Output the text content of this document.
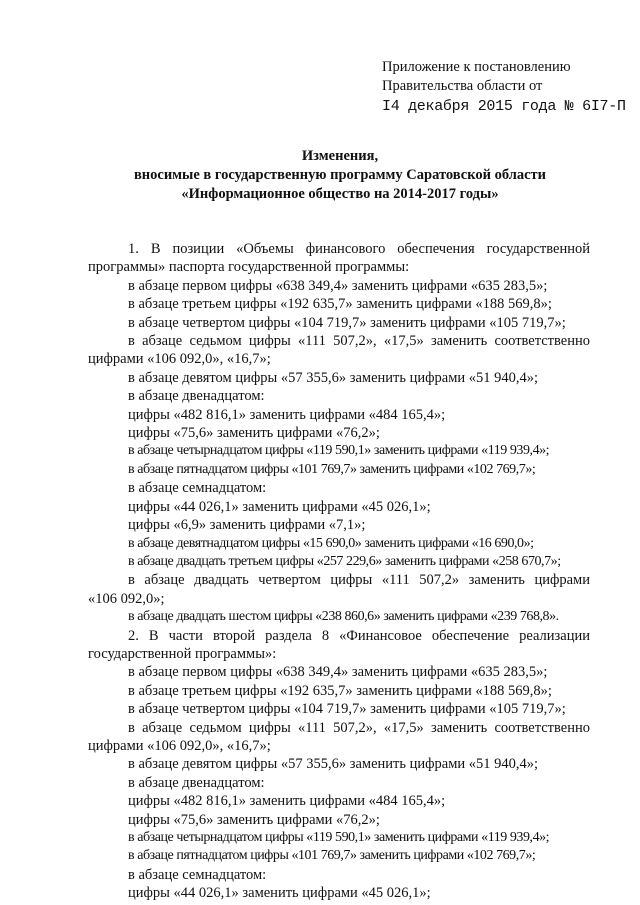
Приложение к постановлению
Правительства области от
I4 декабря 2015 года № 6I7-П
Изменения,
вносимые в государственную программу Саратовской области
«Информационное общество на 2014-2017 годы»

1. В позиции «Объемы финансового обеспечения государственной

программы» паспорта государственной программы:

в абзаце первом цифры «638 349,4» заменить цифрами «635 283,5»;

в абзаце третьем цифры «192 635,7» заменить цифрами «188 569,8»;

в абзаце четвертом цифры «104 719,7» заменить цифрами «105 719,7»;

в абзаце седьмом цифры «111 507,2», «17,5» заменить соответственно

цифрами «106 092,0», «16,7»;

в абзаце девятом цифры «57 355,6» заменить цифрами «51 940,4»;

в абзаце двенадцатом:

цифры «482 816,1» заменить цифрами «484 165,4»;

цифры «75,6» заменить цифрами «76,2»;

в абзаце четырнадцатом цифры «119 590,1» заменить цифрами «119 939,4»;

в абзаце пятнадцатом цифры «101 769,7» заменить цифрами «102 769,7»;

в абзаце семнадцатом:

цифры «44 026,1» заменить цифрами «45 026,1»;

цифры «6,9» заменить цифрами «7,1»;

в абзаце девятнадцатом цифры «15 690,0» заменить цифрами «16 690,0»;

в абзаце двадцать третьем цифры «257 229,6» заменить цифрами «258 670,7»;

в абзаце двадцать четвертом цифры «111 507,2» заменить цифрами

«106 092,0»;

в абзаце двадцать шестом цифры «238 860,6» заменить цифрами «239 768,8».

2. В части второй раздела 8 «Финансовое обеспечение реализации

государственной программы»:

в абзаце первом цифры «638 349,4» заменить цифрами «635 283,5»;

в абзаце третьем цифры «192 635,7» заменить цифрами «188 569,8»;

в абзаце четвертом цифры «104 719,7» заменить цифрами «105 719,7»;

в абзаце седьмом цифры «111 507,2», «17,5» заменить соответственно

цифрами «106 092,0», «16,7»;

в абзаце девятом цифры «57 355,6» заменить цифрами «51 940,4»;

в абзаце двенадцатом:

цифры «482 816,1» заменить цифрами «484 165,4»;

цифры «75,6» заменить цифрами «76,2»;

в абзаце четырнадцатом цифры «119 590,1» заменить цифрами «119 939,4»;

в абзаце пятнадцатом цифры «101 769,7» заменить цифрами «102 769,7»;

в абзаце семнадцатом:

цифры «44 026,1» заменить цифрами «45 026,1»;
